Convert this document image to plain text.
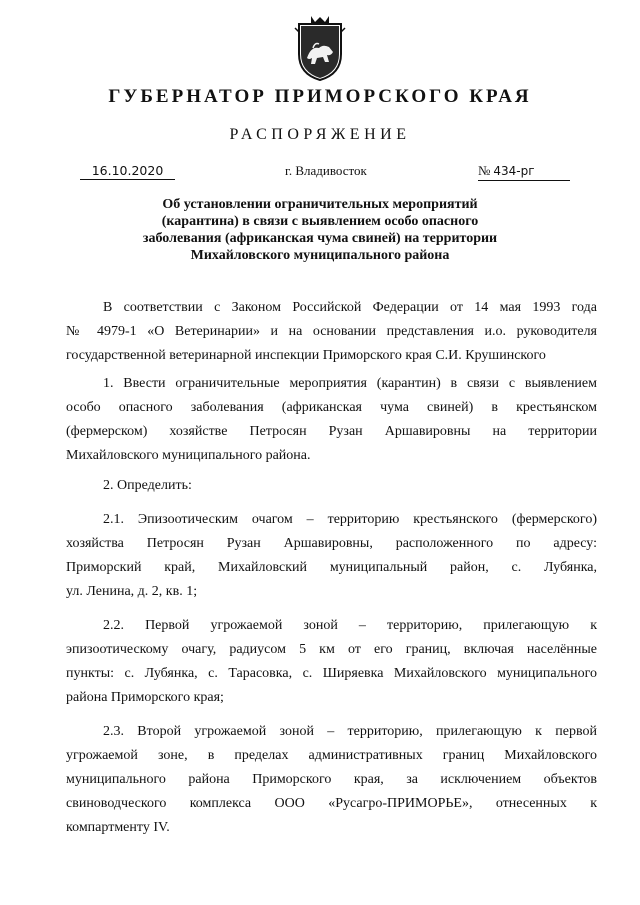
ГУБЕРНАТОР ПРИМОРСКОГО КРАЯ
РАСПОРЯЖЕНИЕ
16.10.2020	г. Владивосток	№ 434-рг
Об установлении ограничительных мероприятий
(карантина) в связи с выявлением особо опасного
заболевания (африканская чума свиней) на территории
Михайловского муниципального района

В соответствии с Законом Российской Федерации от 14 мая 1993 года
№ 4979-1 «О Ветеринарии» и на основании представления и.о. руководителя
государственной ветеринарной инспекции Приморского края С.И. Крушинского

1. Ввести ограничительные мероприятия (карантин) в связи с выявлением
особо опасного заболевания (африканская чума свиней) в крестьянском
(фермерском) хозяйстве Петросян Рузан Аршавировны на территории
Михайловского муниципального района.

2. Определить:

2.1. Эпизоотическим очагом – территорию крестьянского (фермерского)
хозяйства Петросян Рузан Аршавировны, расположенного по адресу:
Приморский край, Михайловский муниципальный район, с. Лубянка,
ул. Ленина, д. 2, кв. 1;

2.2. Первой угрожаемой зоной – территорию, прилегающую к
эпизоотическому очагу, радиусом 5 км от его границ, включая населённые
пункты: с. Лубянка, с. Тарасовка, с. Ширяевка Михайловского муниципального
района Приморского края;

2.3. Второй угрожаемой зоной – территорию, прилегающую к первой
угрожаемой зоне, в пределах административных границ Михайловского
муниципального района Приморского края, за исключением объектов
свиноводческого комплекса ООО «Русагро-ПРИМОРЬЕ», отнесенных к
компартменту IV.
